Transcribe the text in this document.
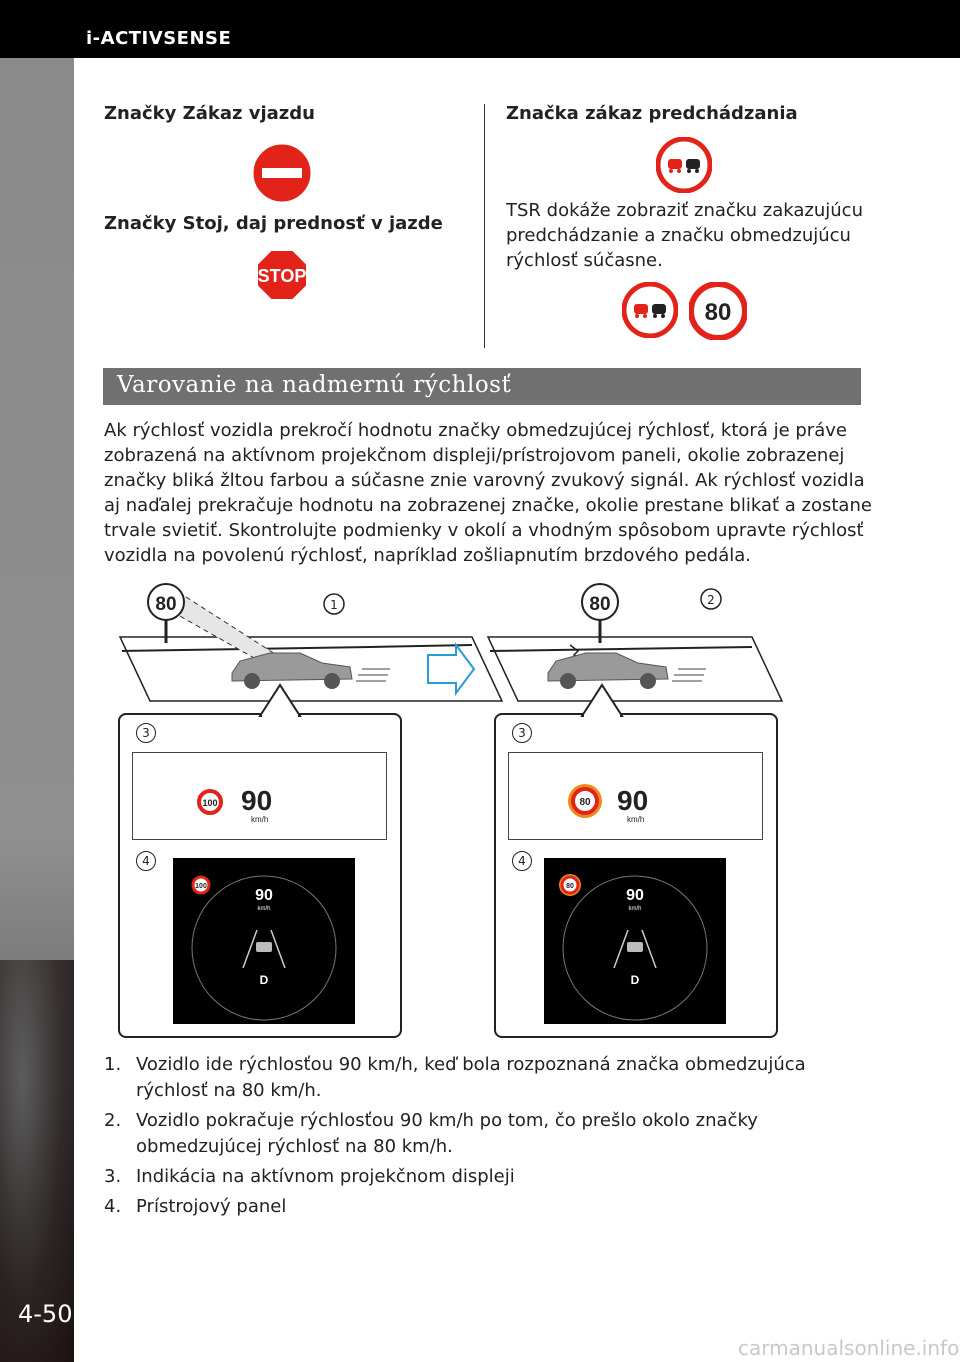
i-ACTIVSENSE
4-50
Značky Zákaz vjazdu
Značky Stoj, daj prednosť v jazde
STOP
Značka zákaz predchádzania
TSR dokáže zobraziť značku zakazujúcu
predchádzanie a značku obmedzujúcu
rýchlosť súčasne.
80
Varovanie na nadmernú rýchlosť
Ak rýchlosť vozidla prekročí hodnotu značky obmedzujúcej rýchlosť, ktorá je práve
zobrazená na aktívnom projekčnom displeji/prístrojovom paneli, okolie zobrazenej
značky bliká žltou farbou a súčasne znie varovný zvukový signál. Ak rýchlosť vozidla
aj naďalej prekračuje hodnotu na zobrazenej značke, okolie prestane blikať a zostane
trvale svietiť. Skontrolujte podmienky v okolí a vhodným spôsobom upravte rýchlosť
vozidla na povolenú rýchlosť, napríklad zošliapnutím brzdového pedála.
80	1	80	2
3
100 90
km/h
4
100
90
km/h
D
3
80 90
km/h
4
80
90
km/h
D
1. Vozidlo ide rýchlosťou 90 km/h, keď bola rozpoznaná značka obmedzujúca
rýchlosť na 80 km/h.
2. Vozidlo pokračuje rýchlosťou 90 km/h po tom, čo prešlo okolo značky
obmedzujúcej rýchlosť na 80 km/h.
3. Indikácia na aktívnom projekčnom displeji
4. Prístrojový panel
carmanualsonline.info
